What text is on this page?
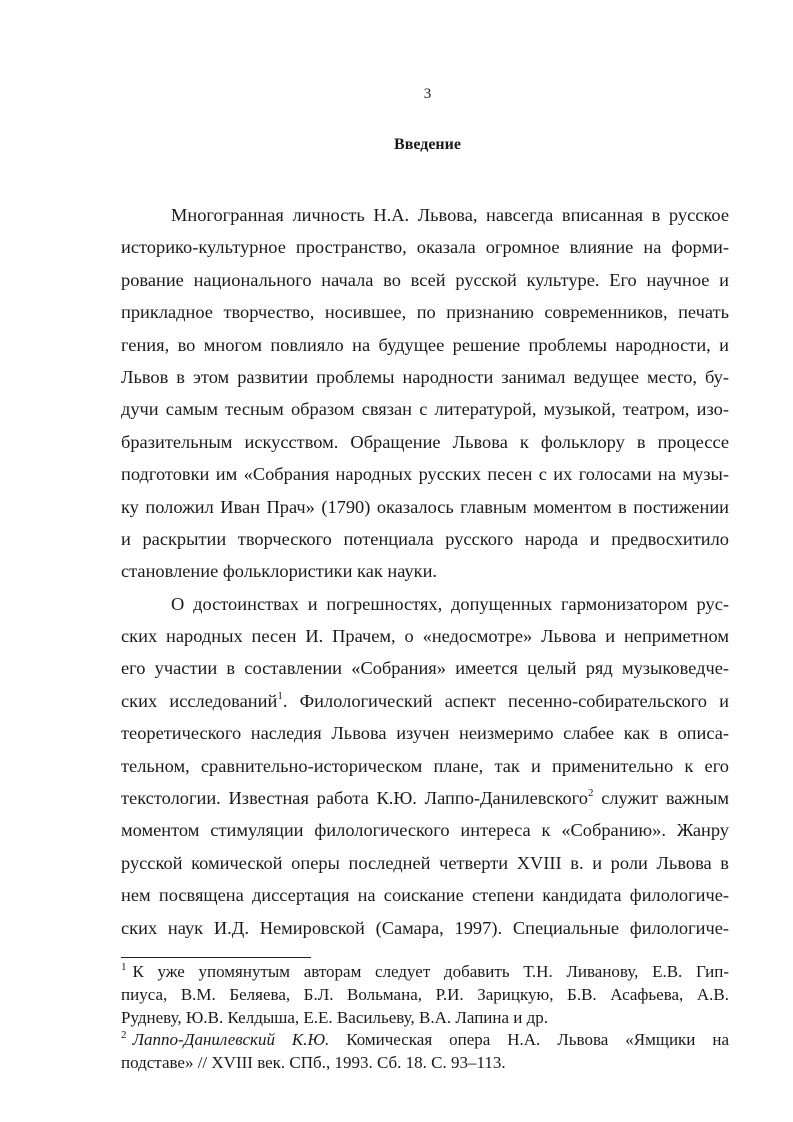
3
Введение
Многогранная личность Н.А. Львова, навсегда вписанная в русское
историко-культурное пространство, оказала огромное влияние на форми-
рование национального начала во всей русской культуре. Его научное и
прикладное творчество, носившее, по признанию современников, печать
гения, во многом повлияло на будущее решение проблемы народности, и
Львов в этом развитии проблемы народности занимал ведущее место, бу-
дучи самым тесным образом связан с литературой, музыкой, театром, изо-
бразительным искусством. Обращение Львова к фольклору в процессе
подготовки им «Собрания народных русских песен с их голосами на музы-
ку положил Иван Прач» (1790) оказалось главным моментом в постижении
и раскрытии творческого потенциала русского народа и предвосхитило
становление фольклористики как науки.
О достоинствах и погрешностях, допущенных гармонизатором рус-
ских народных песен И. Прачем, о «недосмотре» Львова и неприметном
его участии в составлении «Собрания» имеется целый ряд музыковедче-
ских исследований$^1$. Филологический аспект песенно-собирательского и
теоретического наследия Львова изучен неизмеримо слабее как в описа-
тельном, сравнительно-историческом плане, так и применительно к его
текстологии. Известная работа К.Ю. Лаппо-Данилевского$^2$ служит важным
моментом стимуляции филологического интереса к «Собранию». Жанру
русской комической оперы последней четверти XVIII в. и роли Львова в
нем посвящена диссертация на соискание степени кандидата филологиче-
ских наук И.Д. Немировской (Самара, 1997). Специальные филологиче-
$^1$ К уже упомянутым авторам следует добавить Т.Н. Ливанову, Е.В. Гип-
пиуса, В.М. Беляева, Б.Л. Вольмана, Р.И. Зарицкую, Б.В. Асафьева, А.В.
Рудневу, Ю.В. Келдыша, Е.Е. Васильеву, В.А. Лапина и др.
$^2$ Лаппо-Данилевский К.Ю. Комическая опера Н.А. Львова «Ямщики на
подставе» // XVIII век. СПб., 1993. Сб. 18. С. 93–113.
